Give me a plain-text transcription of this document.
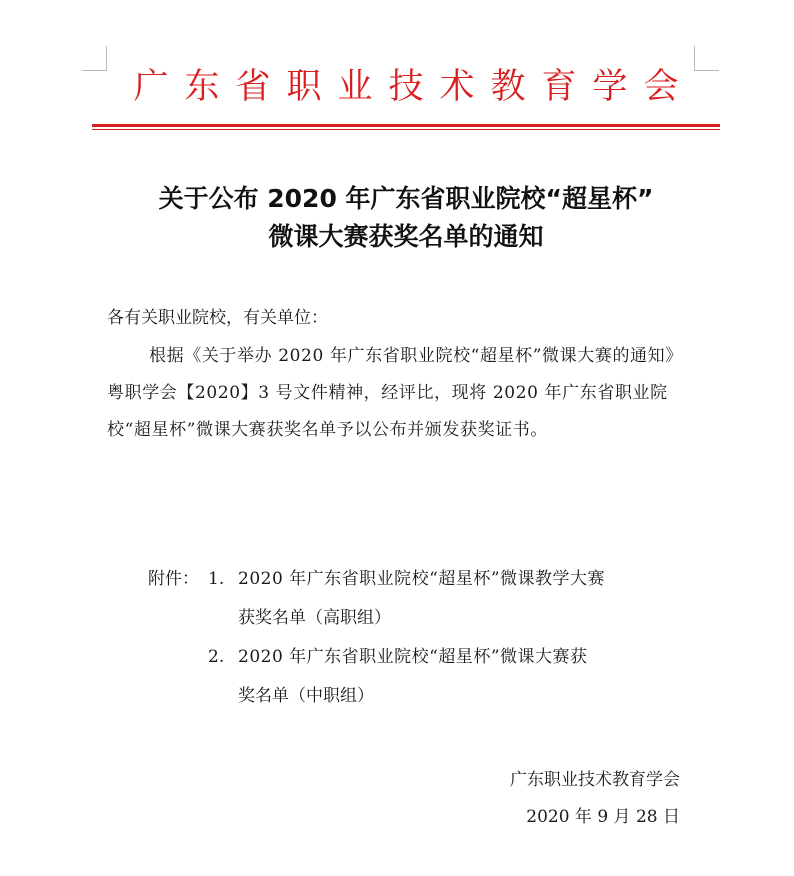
广东省职业技术教育学会
关于公布 2020 年广东省职业院校“超星杯”
微课大赛获奖名单的通知
各有关职业院校，有关单位：
根据《关于举办 2020 年广东省职业院校“超星杯”微课大赛的通知》粤职学会【2020】3 号文件精神，经评比，现将 2020 年广东省职业院校“超星杯”微课大赛获奖名单予以公布并颁发获奖证书。
附件： 1. 2020 年广东省职业院校“超星杯”微课教学大赛
获奖名单（高职组）
2. 2020 年广东省职业院校“超星杯”微课大赛获
奖名单（中职组）
广东职业技术教育学会
2020 年 9 月 28 日
